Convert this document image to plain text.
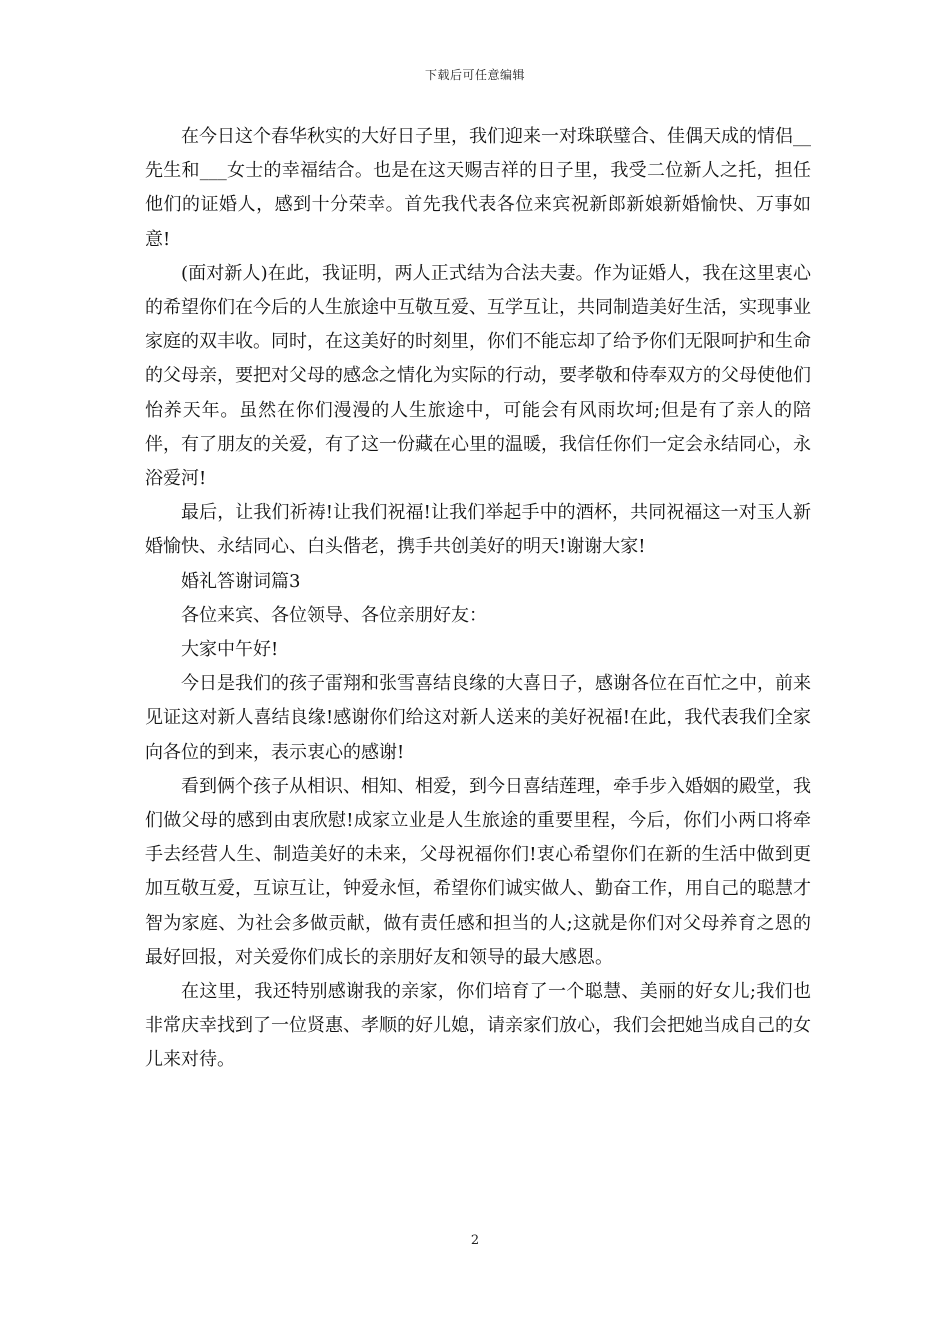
下载后可任意编辑

在今日这个春华秋实的大好日子里，我们迎来一对珠联璧合、佳偶天成的情侣__先生和___女士的幸福结合。也是在这天赐吉祥的日子里，我受二位新人之托，担任他们的证婚人，感到十分荣幸。首先我代表各位来宾祝新郎新娘新婚愉快、万事如意!

(面对新人)在此，我证明，两人正式结为合法夫妻。作为证婚人，我在这里衷心的希望你们在今后的人生旅途中互敬互爱、互学互让，共同制造美好生活，实现事业家庭的双丰收。同时，在这美好的时刻里，你们不能忘却了给予你们无限呵护和生命的父母亲，要把对父母的感念之情化为实际的行动，要孝敬和侍奉双方的父母使他们怡养天年。虽然在你们漫漫的人生旅途中，可能会有风雨坎坷;但是有了亲人的陪伴，有了朋友的关爱，有了这一份藏在心里的温暖，我信任你们一定会永结同心，永浴爱河!

最后，让我们祈祷!让我们祝福!让我们举起手中的酒杯，共同祝福这一对玉人新婚愉快、永结同心、白头偕老，携手共创美好的明天!谢谢大家!

婚礼答谢词篇3

各位来宾、各位领导、各位亲朋好友：

大家中午好!

今日是我们的孩子雷翔和张雪喜结良缘的大喜日子，感谢各位在百忙之中，前来见证这对新人喜结良缘!感谢你们给这对新人送来的美好祝福!在此，我代表我们全家向各位的到来，表示衷心的感谢!

看到俩个孩子从相识、相知、相爱，到今日喜结莲理，牵手步入婚姻的殿堂，我们做父母的感到由衷欣慰!成家立业是人生旅途的重要里程，今后，你们小两口将牵手去经营人生、制造美好的未来，父母祝福你们!衷心希望你们在新的生活中做到更加互敬互爱，互谅互让，钟爱永恒，希望你们诚实做人、勤奋工作，用自己的聪慧才智为家庭、为社会多做贡献，做有责任感和担当的人;这就是你们对父母养育之恩的最好回报，对关爱你们成长的亲朋好友和领导的最大感恩。

在这里，我还特别感谢我的亲家，你们培育了一个聪慧、美丽的好女儿;我们也非常庆幸找到了一位贤惠、孝顺的好儿媳，请亲家们放心，我们会把她当成自己的女儿来对待。

2
